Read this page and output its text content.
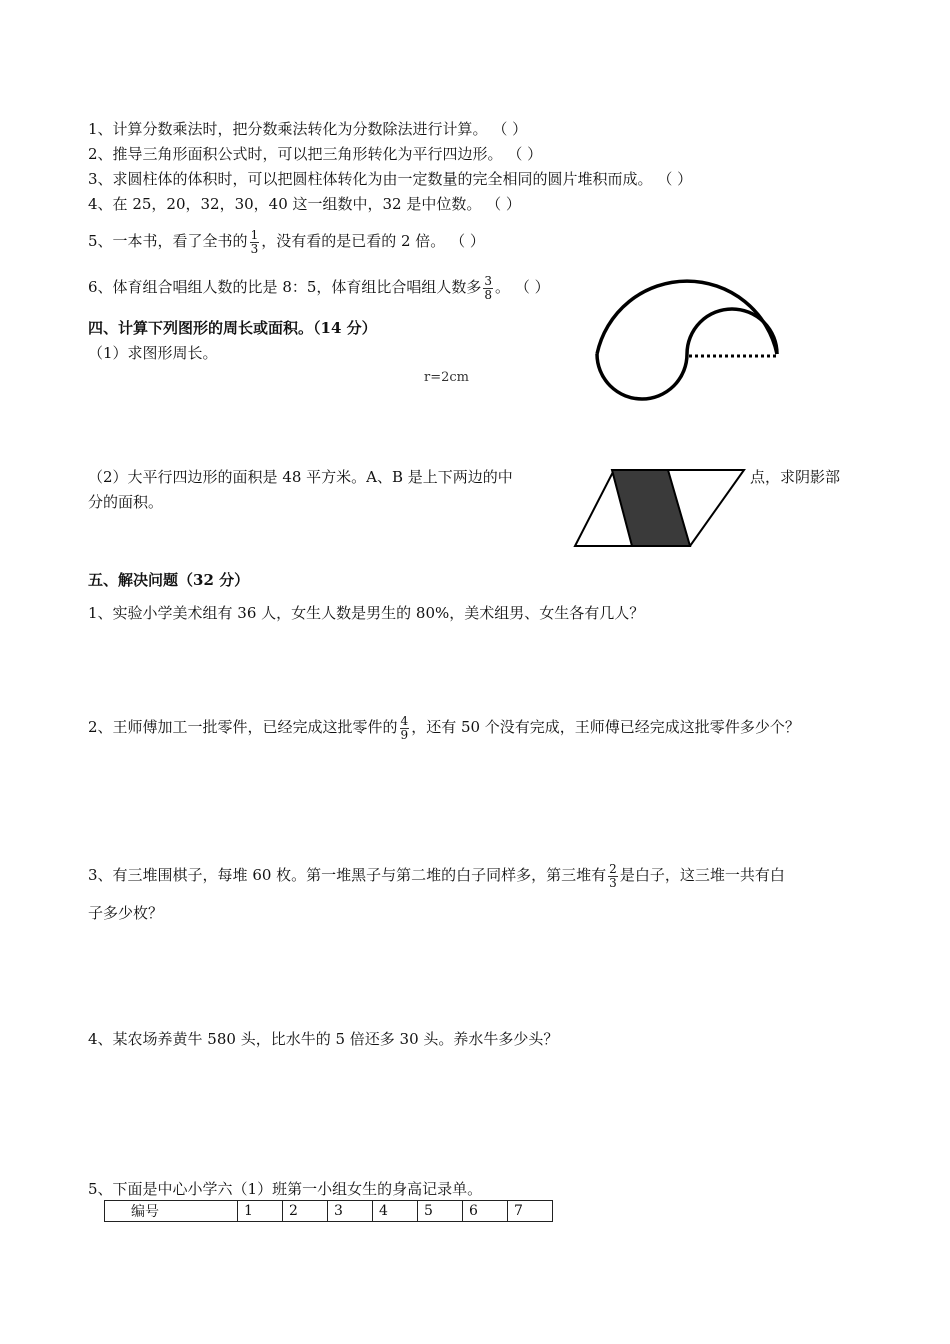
1、计算分数乘法时，把分数乘法转化为分数除法进行计算。 （ ）
2、推导三角形面积公式时，可以把三角形转化为平行四边形。 （ ）
3、求圆柱体的体积时，可以把圆柱体转化为由一定数量的完全相同的圆片堆积而成。 （ ）
4、在 25，20，32，30，40 这一组数中，32 是中位数。 （ ）
5、一本书，看了全书的 $\frac{1}{3}$ ，没有看的是已看的 2 倍。 （ ）
6、体育组合唱组人数的比是 8：5，体育组比合唱组人数多 $\frac{3}{8}$ 。 （ ）
四、计算下列图形的周长或面积。（14 分）
（1）求图形周长。
r=2cm
（2）大平行四边形的面积是 48 平方米。A、B 是上下两边的中	点，求阴影部
分的面积。
五、解决问题（32 分）
1、实验小学美术组有 36 人，女生人数是男生的 80%，美术组男、女生各有几人？
2、王师傅加工一批零件，已经完成这批零件的 $\frac{4}{9}$ ，还有 50 个没有完成，王师傅已经完成这批零件多少个？
3、有三堆围棋子，每堆 60 枚。第一堆黑子与第二堆的白子同样多，第三堆有 $\frac{2}{3}$ 是白子，这三堆一共有白
子多少枚？
4、某农场养黄牛 580 头，比水牛的 5 倍还多 30 头。养水牛多少头？
5、下面是中心小学六（1）班第一小组女生的身高记录单。
编号	1	2	3	4	5	6	7
